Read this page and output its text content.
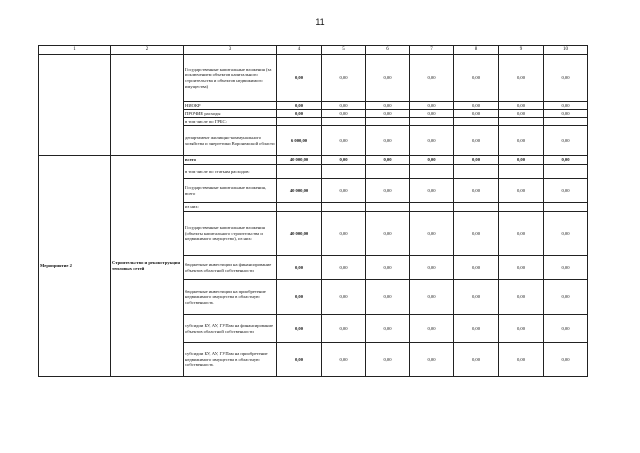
11
1	2	3	4	5	6	7	8	9	10
		Государственные капитальные вложения (за исключением объектов капитального строительства и объектов недвижимого имущества)	0,00	0,00	0,00	0,00	0,00	0,00	0,00
		НИОКР	0,00	0,00	0,00	0,00	0,00	0,00	0,00
		ПРОЧИЕ расходы	0,00	0,00	0,00	0,00	0,00	0,00	0,00
		в том числе по ГРБС:							
		департамент жилищно-коммунального хозяйства и энергетики Воронежской области	6 000,00	0,00	0,00	0,00	0,00	0,00	0,00
Мероприятие 2	Строительство и реконструкция тепловых сетей	всего	40 000,00	0,00	0,00	0,00	0,00	0,00	0,00
		в том числе по статьям расходов:							
		Государственные капитальные вложения, всего	40 000,00	0,00	0,00	0,00	0,00	0,00	0,00
		из них:							
		Государственные капитальные вложения (объекты капитального строительства и недвижимого имущество), из них:	40 000,00	0,00	0,00	0,00	0,00	0,00	0,00
		бюджетные инвестиции на финансирование объектов областной собственности	0,00	0,00	0,00	0,00	0,00	0,00	0,00
		бюджетные инвестиции на приобретение недвижимого имущества в областную собственность	0,00	0,00	0,00	0,00	0,00	0,00	0,00
		субсидии БУ, АУ, ГУПам на финансирование объектов областной собственности	0,00	0,00	0,00	0,00	0,00	0,00	0,00
		субсидии БУ, АУ, ГУПам на приобретение недвижимого имущества в областную собственность	0,00	0,00	0,00	0,00	0,00	0,00	0,00
